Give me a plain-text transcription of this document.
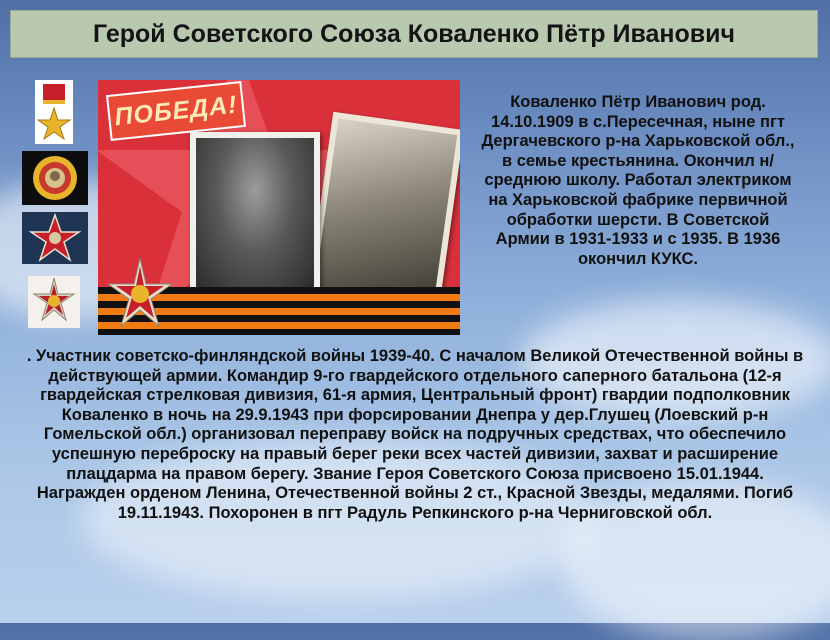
Герой Советского Союза Коваленко Пётр Иванович
ПОБЕДА!	Коваленко Пётр Иванович род. 14.10.1909 в с.Пересечная, ныне пгт Дергачевского р-на Харьковской обл., в семье крестьянина. Окончил н/среднюю школу. Работал электриком на Харьковской фабрике первичной обработки шерсти. В Советской Армии в 1931-1933 и с 1935. В 1936 окончил КУКС.
. Участник советско-финляндской войны 1939-40. С началом Великой Отечественной войны в действующей армии. Командир 9-го гвардейского отдельного саперного батальона (12-я гвардейская стрелковая дивизия, 61-я армия, Центральный фронт) гвардии подполковник Коваленко в ночь на 29.9.1943 при форсировании Днепра у дер.Глушец (Лоевский р-н Гомельской обл.) организовал переправу войск на подручных средствах, что обеспечило успешную переброску на правый берег реки всех частей дивизии, захват и расширение плацдарма на правом берегу. Звание Героя Советского Союза присвоено 15.01.1944. Награжден орденом Ленина, Отечественной войны 2 ст., Красной Звезды, медалями. Погиб 19.11.1943. Похоронен в пгт Радуль Репкинского р-на Черниговской обл.
